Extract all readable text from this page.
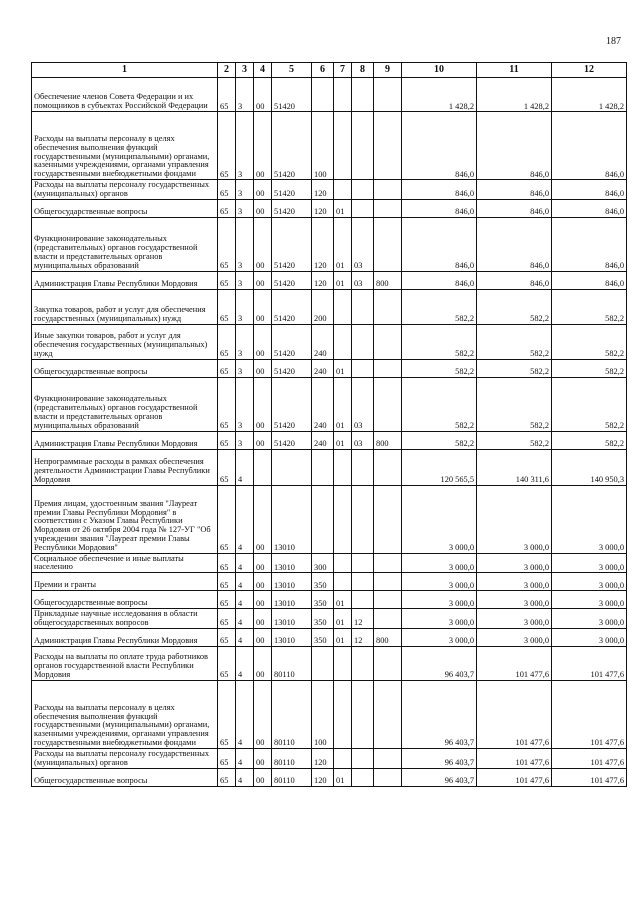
187
1	2	3	4	5	6	7	8	9	10	11	12
Обеспечение членов Совета Федерации и их помощников в субъектах Российской Федерации	65	3	00	51420					1 428,2	1 428,2	1 428,2
Расходы на выплаты персоналу в целях обеспечения выполнения функций государственными (муниципальными) органами, казенными учреждениями, органами управления государственными внебюджетными фондами	65	3	00	51420	100				846,0	846,0	846,0
Расходы на выплаты персоналу государственных (муниципальных) органов	65	3	00	51420	120				846,0	846,0	846,0
Общегосударственные вопросы	65	3	00	51420	120	01			846,0	846,0	846,0
Функционирование законодательных (представительных) органов государственной власти и представительных органов муниципальных образований	65	3	00	51420	120	01	03		846,0	846,0	846,0
Администрация Главы Республики Мордовия	65	3	00	51420	120	01	03	800	846,0	846,0	846,0
Закупка товаров, работ и услуг для обеспечения государственных (муниципальных) нужд	65	3	00	51420	200				582,2	582,2	582,2
Иные закупки товаров, работ и услуг для обеспечения государственных (муниципальных) нужд	65	3	00	51420	240				582,2	582,2	582,2
Общегосударственные вопросы	65	3	00	51420	240	01			582,2	582,2	582,2
Функционирование законодательных (представительных) органов государственной власти и представительных органов муниципальных образований	65	3	00	51420	240	01	03		582,2	582,2	582,2
Администрация Главы Республики Мордовия	65	3	00	51420	240	01	03	800	582,2	582,2	582,2
Непрограммные расходы в рамках обеспечения деятельности Администрации Главы Республики Мордовия	65	4							120 565,5	140 311,6	140 950,3
Премия лицам, удостоенным звания "Лауреат премии Главы Республики Мордовия" в соответствии с Указом Главы Республики Мордовия от 26 октября 2004 года № 127-УГ "Об учреждении звания "Лауреат премии Главы Республики Мордовия"	65	4	00	13010					3 000,0	3 000,0	3 000,0
Социальное обеспечение и иные выплаты населению	65	4	00	13010	300				3 000,0	3 000,0	3 000,0
Премии и гранты	65	4	00	13010	350				3 000,0	3 000,0	3 000,0
Общегосударственные вопросы	65	4	00	13010	350	01			3 000,0	3 000,0	3 000,0
Прикладные научные исследования в области общегосударственных вопросов	65	4	00	13010	350	01	12		3 000,0	3 000,0	3 000,0
Администрация Главы Республики Мордовия	65	4	00	13010	350	01	12	800	3 000,0	3 000,0	3 000,0
Расходы на выплаты по оплате труда работников органов государственной власти Республики Мордовия	65	4	00	80110					96 403,7	101 477,6	101 477,6
Расходы на выплаты персоналу в целях обеспечения выполнения функций государственными (муниципальными) органами, казенными учреждениями, органами управления государственными внебюджетными фондами	65	4	00	80110	100				96 403,7	101 477,6	101 477,6
Расходы на выплаты персоналу государственных (муниципальных) органов	65	4	00	80110	120				96 403,7	101 477,6	101 477,6
Общегосударственные вопросы	65	4	00	80110	120	01			96 403,7	101 477,6	101 477,6
